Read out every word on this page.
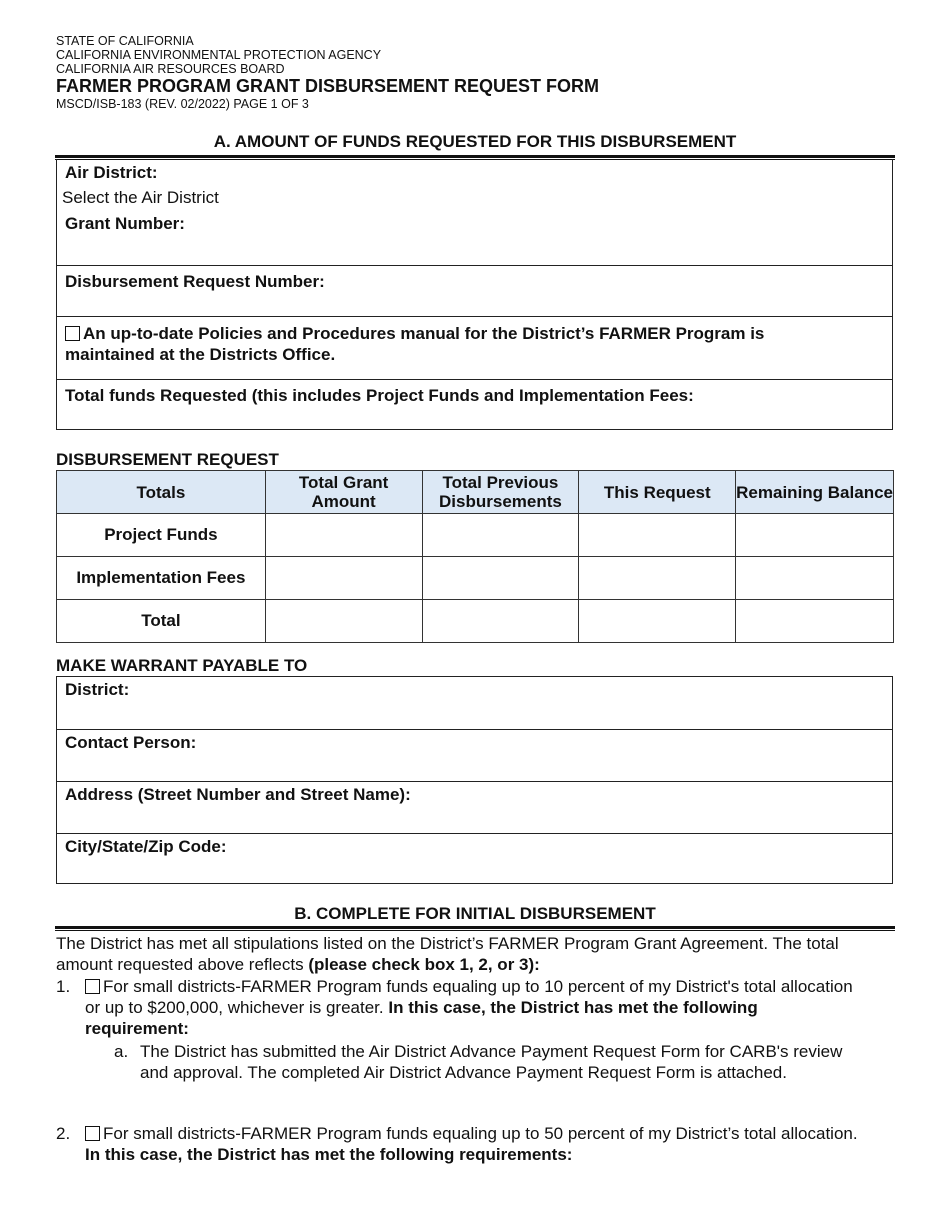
STATE OF CALIFORNIA
CALIFORNIA ENVIRONMENTAL PROTECTION AGENCY
CALIFORNIA AIR RESOURCES BOARD
FARMER PROGRAM GRANT DISBURSEMENT REQUEST FORM
MSCD/ISB-183 (REV. 02/2022) PAGE 1 OF 3
A. AMOUNT OF FUNDS REQUESTED FOR THIS DISBURSEMENT
Air District:
Select the Air District
Grant Number:
Disbursement Request Number:
An up-to-date Policies and Procedures manual for the District’s FARMER Program is maintained at the Districts Office.
Total funds Requested (this includes Project Funds and Implementation Fees:
DISBURSEMENT REQUEST
Totals	Total Grant Amount	Total Previous Disbursements	This Request	Remaining Balance
Project Funds				
Implementation Fees				
Total				
MAKE WARRANT PAYABLE TO
District:
Contact Person:
Address (Street Number and Street Name):
City/State/Zip Code:
B. COMPLETE FOR INITIAL DISBURSEMENT
The District has met all stipulations listed on the District’s FARMER Program Grant Agreement. The total amount requested above reflects (please check box 1, 2, or 3):
1.	For small districts-FARMER Program funds equaling up to 10 percent of my District's total allocation or up to $200,000, whichever is greater. In this case, the District has met the following requirement:
a. The District has submitted the Air District Advance Payment Request Form for CARB's review and approval. The completed Air District Advance Payment Request Form is attached.
2.	For small districts-FARMER Program funds equaling up to 50 percent of my District’s total allocation. In this case, the District has met the following requirements:
